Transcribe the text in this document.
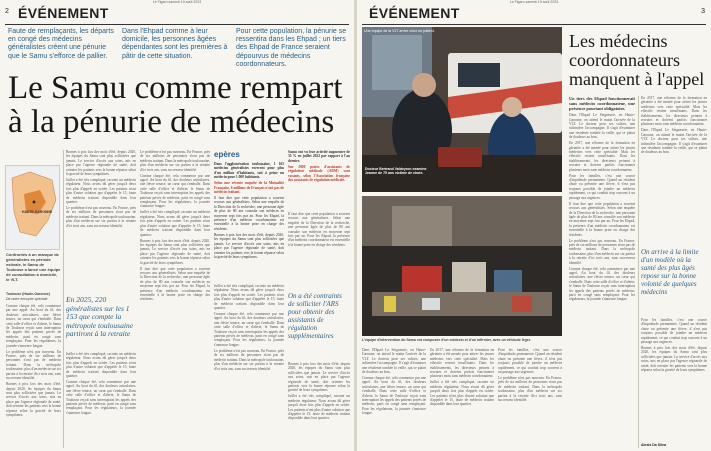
Le Figaro samedi 19 août 2023
2 ÉVÉNEMENT
Faute de remplaçants, les départs en congé des médecins généralistes créent une pénurie que le Samu s'efforce de pallier.
Dans l'Ehpad comme à leur domicile, les personnes âgées dépendantes sont les premières à pâtir de cette situation.
Pour cette population, la pénurie se ressentira dans les Ehpad ; un tiers des Ehpad de France seraient dépourvus de médecins coordonnateurs.
Le Samu comme rempart
à la pénurie de médecins
HAUTE-GARONNE
Confrontés à un manque de généralistes en période estivale, le Samu de Toulouse a lancé une équipe de consultation à domicile, le VLT.
Toulouse (Haute-Garonne)
De notre envoyée spéciale

Comme chaque été, cela commence par une appel. Au bout du fil, des douleurs articulaires, une fièvre tenace, un cœur qui s'emballe. Dans cette salle d'office et d'alerte, le Samu de Toulouse reçoit sans interruption les appels des patients privés de médecin, parti en congé sans remplaçant. Pour les régulateurs, la journée s'annonce longue.

Le problème n'est pas nouveau. En France, près de six millions de personnes n'ont pas de médecin traitant. Dans la métropole toulousaine, plus d'un médecin sur six partira à la retraite d'ici trois ans, sans successeur identifié.

Bonnes à prix lors des mois d'été, depuis 2020, les équipes du Samu sont plus sollicitées que jamais. Le service d'accès aux soins, mis en place par l'agence régionale de santé, doit orienter les patients vers la bonne réponse selon la gravité de leurs symptômes.

Bonnes à prix lors des mois d'été, depuis 2020, les équipes du Samu sont plus sollicitées que jamais. Le service d'accès aux soins, mis en place par l'agence régionale de santé, doit orienter les patients vers la bonne réponse selon la gravité de leurs symptômes.

Juillet a été très compliqué, raconte un médecin régulateur. Nous avons dû gérer jusqu'à deux fois plus d'appels en soirée. Les patients n'ont plus d'autre solution que d'appeler le 15, faute de médecin traitant disponible dans leur quartier.

Le problème n'est pas nouveau. En France, près de six millions de personnes n'ont pas de médecin traitant. Dans la métropole toulousaine, plus d'un médecin sur six partira à la retraite d'ici trois ans, sans successeur identifié.

En 2025, 220 généralistes sur les 1 153 que compte la métropole toulousaine partiront à la retraite

Juillet a été très compliqué, raconte un médecin régulateur. Nous avons dû gérer jusqu'à deux fois plus d'appels en soirée. Les patients n'ont plus d'autre solution que d'appeler le 15, faute de médecin traitant disponible dans leur quartier.

Comme chaque été, cela commence par une appel. Au bout du fil, des douleurs articulaires, une fièvre tenace, un cœur qui s'emballe. Dans cette salle d'office et d'alerte, le Samu de Toulouse reçoit sans interruption les appels des patients privés de médecin, parti en congé sans remplaçant. Pour les régulateurs, la journée s'annonce longue.

Le problème n'est pas nouveau. En France, près de six millions de personnes n'ont pas de médecin traitant. Dans la métropole toulousaine, plus d'un médecin sur six partira à la retraite d'ici trois ans, sans successeur identifié.

Comme chaque été, cela commence par une appel. Au bout du fil, des douleurs articulaires, une fièvre tenace, un cœur qui s'emballe. Dans cette salle d'office et d'alerte, le Samu de Toulouse reçoit sans interruption les appels des patients privés de médecin, parti en congé sans remplaçant. Pour les régulateurs, la journée s'annonce longue.

Juillet a été très compliqué, raconte un médecin régulateur. Nous avons dû gérer jusqu'à deux fois plus d'appels en soirée. Les patients n'ont plus d'autre solution que d'appeler le 15, faute de médecin traitant disponible dans leur quartier.

Bonnes à prix lors des mois d'été, depuis 2020, les équipes du Samu sont plus sollicitées que jamais. Le service d'accès aux soins, mis en place par l'agence régionale de santé, doit orienter les patients vers la bonne réponse selon la gravité de leurs symptômes.

Il faut dire que cette population a souvent recours aux généralistes. Selon une enquête de la Direction de la recherche, une personne âgée de plus de 80 ans consulte son médecin en moyenne sept fois par an. Pour les Ehpad, la présence d'un médecin coordonnateur est essentielle à la bonne prise en charge des résidents.

epères

Dans l'agglomération toulousaine, 1 165 médecins généralistes exercent pour plus d'un million d'habitants, soit à peine un médecin pour 1 000 habitants.

Selon une récente enquête de la Mutualité Française, 6 millions de Français n'ont pas de médecin traitant.

Il faut dire que cette population a souvent recours aux généralistes. Selon une enquête de la Direction de la recherche, une personne âgée de plus de 80 ans consulte son médecin en moyenne sept fois par an. Pour les Ehpad, la présence d'un médecin coordonnateur est essentielle à la bonne prise en charge des résidents.

Bonnes à prix lors des mois d'été, depuis 2020, les équipes du Samu sont plus sollicitées que jamais. Le service d'accès aux soins, mis en place par l'agence régionale de santé, doit orienter les patients vers la bonne réponse selon la gravité de leurs symptômes.

Juillet a été très compliqué, raconte un médecin régulateur. Nous avons dû gérer jusqu'à deux fois plus d'appels en soirée. Les patients n'ont plus d'autre solution que d'appeler le 15, faute de médecin traitant disponible dans leur quartier.

Comme chaque été, cela commence par une appel. Au bout du fil, des douleurs articulaires, une fièvre tenace, un cœur qui s'emballe. Dans cette salle d'office et d'alerte, le Samu de Toulouse reçoit sans interruption les appels des patients privés de médecin, parti en congé sans remplaçant. Pour les régulateurs, la journée s'annonce longue.

Le problème n'est pas nouveau. En France, près de six millions de personnes n'ont pas de médecin traitant. Dans la métropole toulousaine, plus d'un médecin sur six partira à la retraite d'ici trois ans, sans successeur identifié.

Samu ont vu leur activité augmenter de 35 % en juillet 2022 par rapport à l'an dernier.

Sur 2000 postes d'assistants de régulation médicale (ARM) sont vacants, selon l'Association française des assistants de régulation médicale.

Il faut dire que cette population a souvent recours aux généralistes. Selon une enquête de la Direction de la recherche, une personne âgée de plus de 80 ans consulte son médecin en moyenne sept fois par an. Pour les Ehpad, la présence d'un médecin coordonnateur est essentielle à la bonne prise en charge des résidents.

On a été contraints de solliciter l'ARS pour obtenir des assistants de régulation supplémentaires

Bonnes à prix lors des mois d'été, depuis 2020, les équipes du Samu sont plus sollicitées que jamais. Le service d'accès aux soins, mis en place par l'agence régionale de santé, doit orienter les patients vers la bonne réponse selon la gravité de leurs symptômes.

Juillet a été très compliqué, raconte un médecin régulateur. Nous avons dû gérer jusqu'à deux fois plus d'appels en soirée. Les patients n'ont plus d'autre solution que d'appeler le 15, faute de médecin traitant disponible dans leur quartier.

Le Figaro samedi 19 août 2023
ÉVÉNEMENT	3
Une équipe de la VLT arrive chez un patient.
Docteur Bertrand Valdeyron examine Jeanne de 75 ans victime de chute.
Les médecins
coordonnateurs
manquent à l'appel

Un tiers des Ehpad fonctionnerait sans médecin coordonnateur, une présence pourtant obligatoire.

Dans l'Ehpad Le Seigneurie, en Haute-Garonne, on attend le matin l'arrivée de la VLT. Le docteur pose ses valises, une infirmière l'accompagne. Il s'agit d'examiner une résidente tombée la veille, qui se plaint de douleurs au bras.

En 2017, une réforme de la formation en gériatrie a été menée pour attirer les jeunes médecins vers cette spécialité. Mais les effectifs restent insuffisants. Dans les établissements, les directeurs peinent à recruter et doivent parfois fonctionner plusieurs mois sans médecin coordonnateur.

Pour les familles, c'est une source d'inquiétude permanente. Quand un résident chute ou présente une fièvre, il n'est pas toujours possible de joindre un médecin rapidement, ce qui conduit trop souvent à un passage aux urgences.

Il faut dire que cette population a souvent recours aux généralistes. Selon une enquête de la Direction de la recherche, une personne âgée de plus de 80 ans consulte son médecin en moyenne sept fois par an. Pour les Ehpad, la présence d'un médecin coordonnateur est essentielle à la bonne prise en charge des résidents.

Le problème n'est pas nouveau. En France, près de six millions de personnes n'ont pas de médecin traitant. Dans la métropole toulousaine, plus d'un médecin sur six partira à la retraite d'ici trois ans, sans successeur identifié.

Comme chaque été, cela commence par une appel. Au bout du fil, des douleurs articulaires, une fièvre tenace, un cœur qui s'emballe. Dans cette salle d'office et d'alerte, le Samu de Toulouse reçoit sans interruption les appels des patients privés de médecin, parti en congé sans remplaçant. Pour les régulateurs, la journée s'annonce longue.

En 2017, une réforme de la formation en gériatrie a été menée pour attirer les jeunes médecins vers cette spécialité. Mais les effectifs restent insuffisants. Dans les établissements, les directeurs peinent à recruter et doivent parfois fonctionner plusieurs mois sans médecin coordonnateur.

Dans l'Ehpad Le Seigneurie, en Haute-Garonne, on attend le matin l'arrivée de la VLT. Le docteur pose ses valises, une infirmière l'accompagne. Il s'agit d'examiner une résidente tombée la veille, qui se plaint de douleurs au bras.

On arrive à la limite d'un modèle où la santé des plus âgés repose sur la bonne volonté de quelques médecins

Pour les familles, c'est une source d'inquiétude permanente. Quand un résident chute ou présente une fièvre, il n'est pas toujours possible de joindre un médecin rapidement, ce qui conduit trop souvent à un passage aux urgences.

Bonnes à prix lors des mois d'été, depuis 2020, les équipes du Samu sont plus sollicitées que jamais. Le service d'accès aux soins, mis en place par l'agence régionale de santé, doit orienter les patients vers la bonne réponse selon la gravité de leurs symptômes.

Alexis Da Silva
L'équipe d'intervention du Samu est composée d'un médecin et d'un infirmier, avec un véhicule léger.

Dans l'Ehpad Le Seigneurie, en Haute-Garonne, on attend le matin l'arrivée de la VLT. Le docteur pose ses valises, une infirmière l'accompagne. Il s'agit d'examiner une résidente tombée la veille, qui se plaint de douleurs au bras.

Comme chaque été, cela commence par une appel. Au bout du fil, des douleurs articulaires, une fièvre tenace, un cœur qui s'emballe. Dans cette salle d'office et d'alerte, le Samu de Toulouse reçoit sans interruption les appels des patients privés de médecin, parti en congé sans remplaçant. Pour les régulateurs, la journée s'annonce longue.

En 2017, une réforme de la formation en gériatrie a été menée pour attirer les jeunes médecins vers cette spécialité. Mais les effectifs restent insuffisants. Dans les établissements, les directeurs peinent à recruter et doivent parfois fonctionner plusieurs mois sans médecin coordonnateur.

Juillet a été très compliqué, raconte un médecin régulateur. Nous avons dû gérer jusqu'à deux fois plus d'appels en soirée. Les patients n'ont plus d'autre solution que d'appeler le 15, faute de médecin traitant disponible dans leur quartier.

Pour les familles, c'est une source d'inquiétude permanente. Quand un résident chute ou présente une fièvre, il n'est pas toujours possible de joindre un médecin rapidement, ce qui conduit trop souvent à un passage aux urgences.

Le problème n'est pas nouveau. En France, près de six millions de personnes n'ont pas de médecin traitant. Dans la métropole toulousaine, plus d'un médecin sur six partira à la retraite d'ici trois ans, sans successeur identifié.
